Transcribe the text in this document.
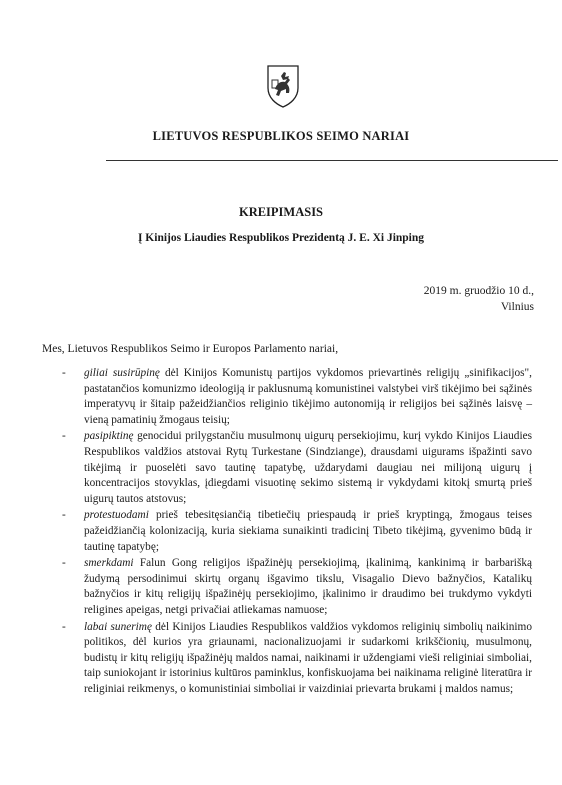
LIETUVOS RESPUBLIKOS SEIMO NARIAI
KREIPIMASIS
Į Kinijos Liaudies Respublikos Prezidentą J. E. Xi Jinping
2019 m. gruodžio 10 d.,
Vilnius
Mes, Lietuvos Respublikos Seimo ir Europos Parlamento nariai,
- giliai susirūpinę dėl Kinijos Komunistų partijos vykdomos prievartinės religijų „sinifikacijos", pastatančios komunizmo ideologiją ir paklusnumą komunistinei valstybei virš tikėjimo bei sąžinės imperatyvų ir šitaip pažeidžiančios religinio tikėjimo autonomiją ir religijos bei sąžinės laisvę – vieną pamatinių žmogaus teisių;

- pasipiktinę genocidui prilygstančiu musulmonų uigurų persekiojimu, kurį vykdo Kinijos Liaudies Respublikos valdžios atstovai Rytų Turkestane (Sindziange), drausdami uigurams išpažinti savo tikėjimą ir puoselėti savo tautinę tapatybę, uždarydami daugiau nei milijoną uigurų į koncentracijos stovyklas, įdiegdami visuotinę sekimo sistemą ir vykdydami kitokį smurtą prieš uigurų tautos atstovus;

- protestuodami prieš tebesitęsiančią tibetiečių priespaudą ir prieš kryptingą, žmogaus teises pažeidžiančią kolonizaciją, kuria siekiama sunaikinti tradicinį Tibeto tikėjimą, gyvenimo būdą ir tautinę tapatybę;

- smerkdami Falun Gong religijos išpažinėjų persekiojimą, įkalinimą, kankinimą ir barbarišką žudymą persodinimui skirtų organų išgavimo tikslu, Visagalio Dievo bažnyčios, Katalikų bažnyčios ir kitų religijų išpažinėjų persekiojimo, įkalinimo ir draudimo bei trukdymo vykdyti religines apeigas, netgi privačiai atliekamas namuose;

- labai sunerimę dėl Kinijos Liaudies Respublikos valdžios vykdomos religinių simbolių naikinimo politikos, dėl kurios yra griaunami, nacionalizuojami ir sudarkomi krikščionių, musulmonų, budistų ir kitų religijų išpažinėjų maldos namai, naikinami ir uždengiami vieši religiniai simboliai, taip suniokojant ir istorinius kultūros paminklus, konfiskuojama bei naikinama religinė literatūra ir religiniai reikmenys, o komunistiniai simboliai ir vaizdiniai prievarta brukami į maldos namus;
